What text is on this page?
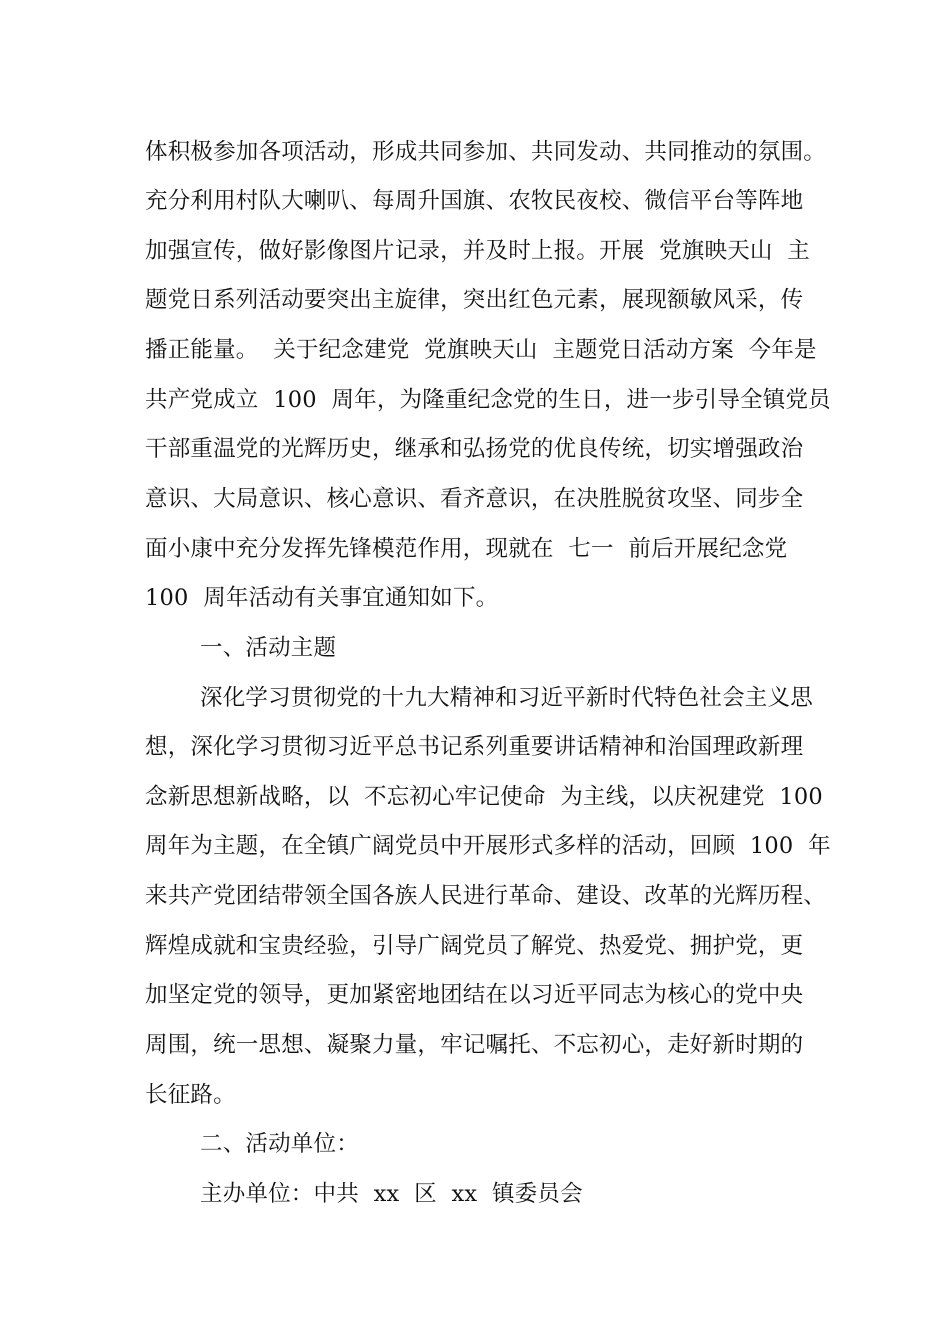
体积极参加各项活动，形成共同参加、共同发动、共同推动的氛围。
充分利用村队大喇叭、每周升国旗、农牧民夜校、微信平台等阵地
加强宣传，做好影像图片记录，并及时上报。开展  党旗映天山  主
题党日系列活动要突出主旋律，突出红色元素，展现额敏风采，传
播正能量。  关于纪念建党  党旗映天山  主题党日活动方案  今年是
共产党成立  100  周年，为隆重纪念党的生日，进一步引导全镇党员
干部重温党的光辉历史，继承和弘扬党的优良传统，切实增强政治
意识、大局意识、核心意识、看齐意识，在决胜脱贫攻坚、同步全
面小康中充分发挥先锋模范作用，现就在  七一  前后开展纪念党
100  周年活动有关事宜通知如下。
一、活动主题
深化学习贯彻党的十九大精神和习近平新时代特色社会主义思
想，深化学习贯彻习近平总书记系列重要讲话精神和治国理政新理
念新思想新战略，以  不忘初心牢记使命  为主线，以庆祝建党  100
周年为主题，在全镇广阔党员中开展形式多样的活动，回顾  100  年
来共产党团结带领全国各族人民进行革命、建设、改革的光辉历程、
辉煌成就和宝贵经验，引导广阔党员了解党、热爱党、拥护党，更
加坚定党的领导，更加紧密地团结在以习近平同志为核心的党中央
周围，统一思想、凝聚力量，牢记嘱托、不忘初心，走好新时期的
长征路。
二、活动单位：
主办单位：中共  xx  区  xx  镇委员会
